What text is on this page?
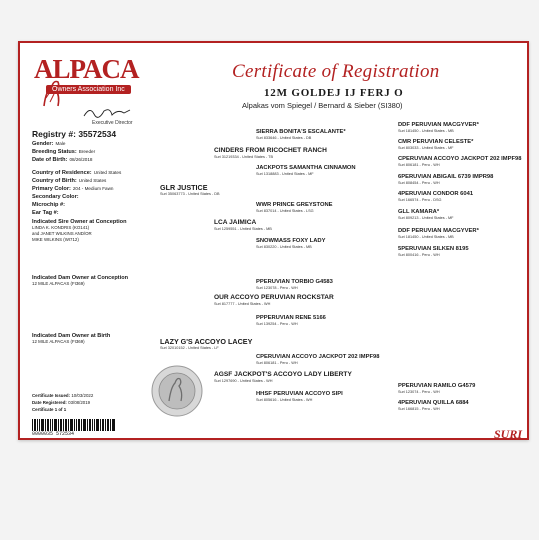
ALPACA
Owners Association Inc
Executive Director
Certificate of Registration
12M GOLDEJ IJ FERJ O
Alpakas vom Spiegel / Bernard & Sieber (SI380)
Registry #: 35572534
Gender: Male
Breeding Status: Breeder
Date of Birth: 08/26/2018
Country of Residence: United States
Country of Birth: United States
Primary Color: 204 - Medium Fawn
Secondary Color:
Microchip #:
Ear Tag #:
Indicated Sire Owner at Conception
LINDA K. KONDRIS (KO141)
and JANET WILKINS AND/OR
MIKE WILKINS (WI712)
Indicated Dam Owner at Conception
12 MILE ALPACAS (FI369)
Indicated Dam Owner at Birth
12 MILE ALPACAS (FI369)
GLR JUSTICE
Suri 35063773 - United States - DB
CINDERS FROM RICOCHET RANCH
Suri 31219334 - United States - TB
SIERRA BONITA'S ESCALANTE*
Suri 833646 - United States - DB
DDF PERUVIAN MACGYVER*
Suri 181450 - United States - MB
CMR PERUVIAN CELESTE*
Suri 803033 - United States - MF
JACKPOTS SAMANTHA CINNAMON
Suri 1318883 - United States - MF
CPERUVIAN ACCOYO JACKPOT 202 IMPF98
Suri 806181 - Peru - WH
6PERUVIAN ABIGAIL 6739 IMPR98
Suri 808454 - Peru - WH
LCA JAIMICA
Suri 1259551 - United States - MB
WWR PRINCE GREYSTONE
Suri 837014 - United States - LSG
4PERUVIAN CONDOR 6041
Suri 166574 - Peru - DSG
GLL KAMARA*
Suri 809213 - United States - MF
SNOWMASS FOXY LADY
Suri 830220 - United States - MB
DDF PERUVIAN MACGYVER*
Suri 181450 - United States - MB
5PERUVIAN SILKEN 8195
Suri 800416 - Peru - WH
LAZY G'S ACCOYO LACEY
Suri 32010152 - United States - LF
OUR ACCOYO PERUVIAN ROCKSTAR
Suri 817777 - United States - WH
PPERUVIAN TORBIO G4583
Suri 123078 - Peru - WH
PPPERUVIAN RENE 5166
Suri 139254 - Peru - WH
AGSF JACKPOT'S ACCOYO LADY LIBERTY
Suri 1297690 - United States - WH
CPERUVIAN ACCOYO JACKPOT 202 IMPF98
Suri 806181 - Peru - WH
HHSF PERUVIAN ACCOYO SIPI
Suri 805616 - United States - WH
PPERUVIAN RAMILO G4579
Suri 123074 - Peru - WH
4PERUVIAN QUILLA 6884
Suri 166815 - Peru - WH
Certificate Issued: 10/03/2022
Date Registered: 03/08/2019
Certificate 1 of 1
0000035 572534	SURI
